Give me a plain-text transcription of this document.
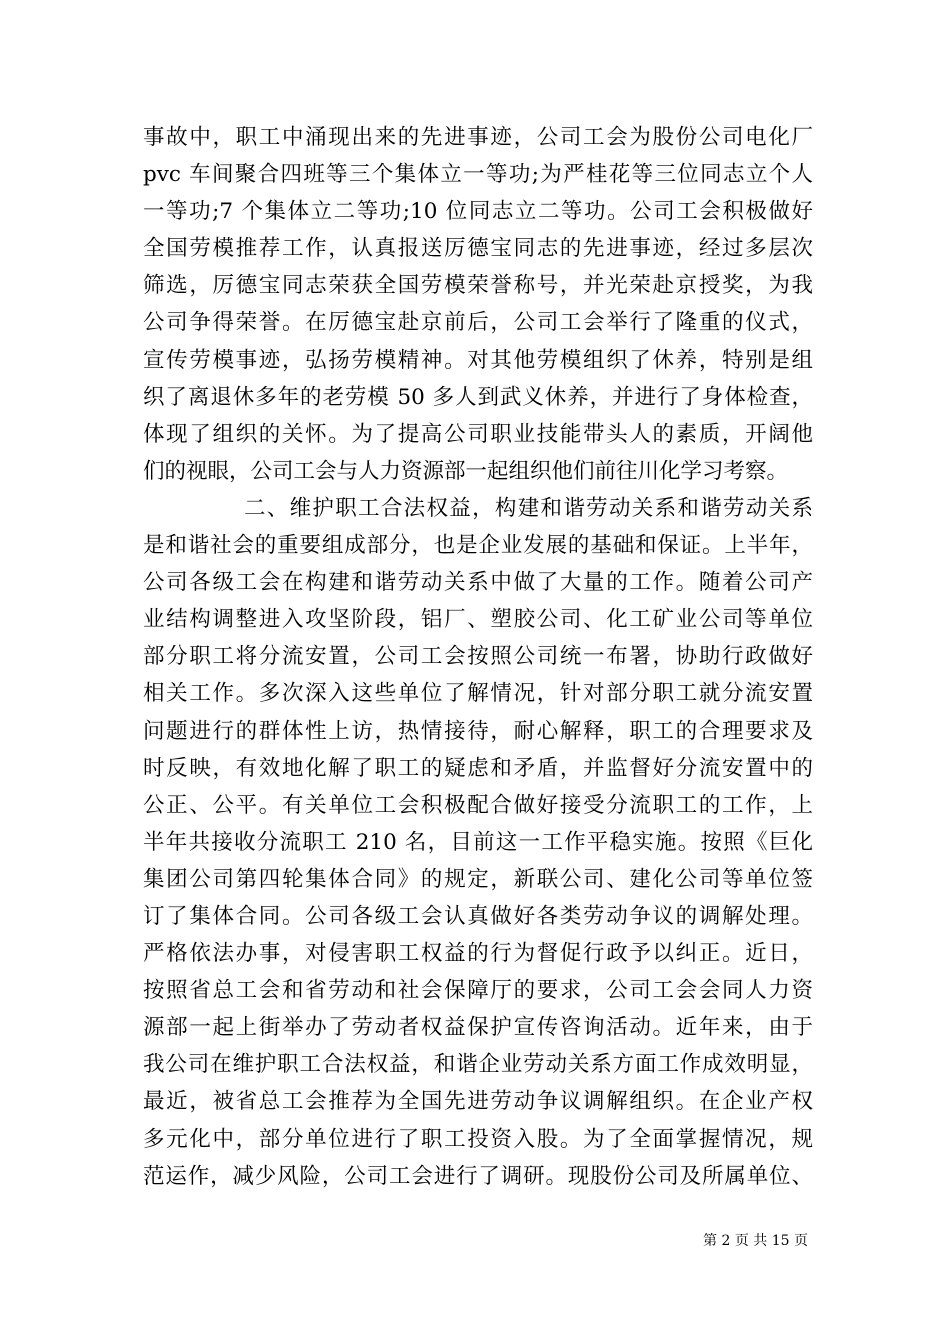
事故中，职工中涌现出来的先进事迹，公司工会为股份公司电化厂
pvc 车间聚合四班等三个集体立一等功;为严桂花等三位同志立个人
一等功;7 个集体立二等功;10 位同志立二等功。公司工会积极做好
全国劳模推荐工作，认真报送厉德宝同志的先进事迹，经过多层次
筛选，厉德宝同志荣获全国劳模荣誉称号，并光荣赴京授奖，为我
公司争得荣誉。在厉德宝赴京前后，公司工会举行了隆重的仪式，
宣传劳模事迹，弘扬劳模精神。对其他劳模组织了休养，特别是组
织了离退休多年的老劳模 50 多人到武义休养，并进行了身体检查，
体现了组织的关怀。为了提高公司职业技能带头人的素质，开阔他
们的视眼，公司工会与人力资源部一起组织他们前往川化学习考察。
二、维护职工合法权益，构建和谐劳动关系和谐劳动关系
是和谐社会的重要组成部分，也是企业发展的基础和保证。上半年，
公司各级工会在构建和谐劳动关系中做了大量的工作。随着公司产
业结构调整进入攻坚阶段，铝厂、塑胶公司、化工矿业公司等单位
部分职工将分流安置，公司工会按照公司统一布署，协助行政做好
相关工作。多次深入这些单位了解情况，针对部分职工就分流安置
问题进行的群体性上访，热情接待，耐心解释，职工的合理要求及
时反映，有效地化解了职工的疑虑和矛盾，并监督好分流安置中的
公正、公平。有关单位工会积极配合做好接受分流职工的工作，上
半年共接收分流职工 210 名，目前这一工作平稳实施。按照《巨化
集团公司第四轮集体合同》的规定，新联公司、建化公司等单位签
订了集体合同。公司各级工会认真做好各类劳动争议的调解处理。
严格依法办事，对侵害职工权益的行为督促行政予以纠正。近日，
按照省总工会和省劳动和社会保障厅的要求，公司工会会同人力资
源部一起上街举办了劳动者权益保护宣传咨询活动。近年来，由于
我公司在维护职工合法权益，和谐企业劳动关系方面工作成效明显，
最近，被省总工会推荐为全国先进劳动争议调解组织。在企业产权
多元化中，部分单位进行了职工投资入股。为了全面掌握情况，规
范运作，减少风险，公司工会进行了调研。现股份公司及所属单位、
第 2 页 共 15 页
